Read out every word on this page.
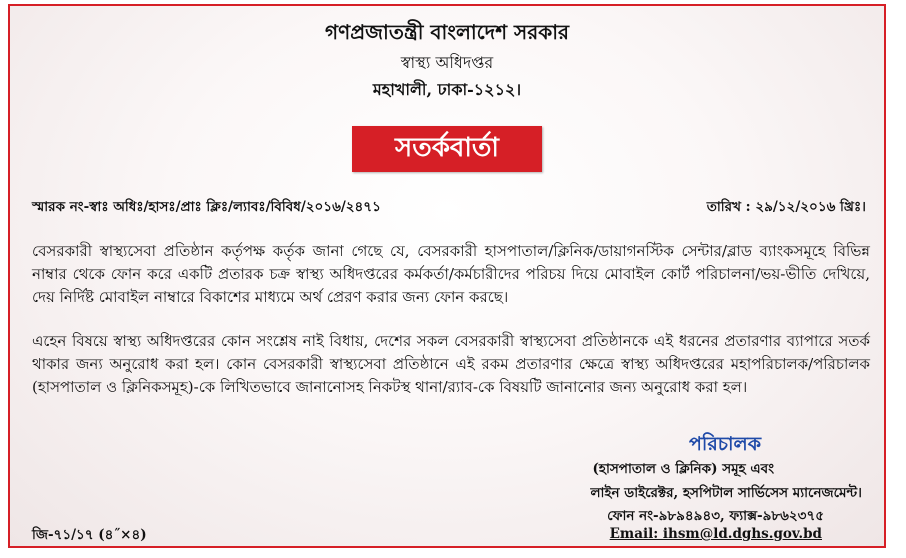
গণপ্রজাতন্ত্রী বাংলাদেশ সরকার
স্বাস্থ্য অধিদপ্তর
মহাখালী, ঢাকা-১২১২।
সতর্কবার্তা
স্মারক নং-স্বাঃ অধিঃ/হাসঃ/প্রাঃ ক্লিঃ/ল্যাবঃ/বিবিধ/২০১৬/২৪৭১	তারিখ : ২৯/১২/২০১৬ খ্রিঃ।

বেসরকারী স্বাস্থ্যসেবা প্রতিষ্ঠান কর্তৃপক্ষ কর্তৃক জানা গেছে যে, বেসরকারী হাসপাতাল/ক্লিনিক/ডায়াগনস্টিক সেন্টার/ব্লাড ব্যাংকসমূহে বিভিন্ন নাম্বার থেকে ফোন করে একটি প্রতারক চক্র স্বাস্থ্য অধিদপ্তরের কর্মকর্তা/কর্মচারীদের পরিচয় দিয়ে মোবাইল কোর্ট পরিচালনা/ভয়-ভীতি দেখিয়ে, দেয় নির্দিষ্ট মোবাইল নাম্বারে বিকাশের মাধ্যমে অর্থ প্রেরণ করার জন্য ফোন করছে।

এহেন বিষয়ে স্বাস্থ্য অধিদপ্তরের কোন সংশ্লেষ নাই বিধায়, দেশের সকল বেসরকারী স্বাস্থ্যসেবা প্রতিষ্ঠানকে এই ধরনের প্রতারণার ব্যাপারে সতর্ক থাকার জন্য অনুরোধ করা হল। কোন বেসরকারী স্বাস্থ্যসেবা প্রতিষ্ঠানে এই রকম প্রতারণার ক্ষেত্রে স্বাস্থ্য অধিদপ্তরের মহাপরিচালক/পরিচালক (হাসপাতাল ও ক্লিনিকসমূহ)-কে লিখিতভাবে জানানোসহ নিকটস্থ থানা/র‌্যাব-কে বিষয়টি জানানোর জন্য অনুরোধ করা হল।

পরিচালক
(হাসপাতাল ও ক্লিনিক) সমূহ এবং
লাইন ডাইরেক্টর, হসপিটাল সার্ভিসেস ম্যানেজমেন্ট।
ফোন নং-৯৮৯৪৯৪৩, ফ্যাক্স-৯৮৬২৩৭৫
Email: ihsm@ld.dghs.gov.bd
জি-৭১/১৭ (৪˝×৪)
